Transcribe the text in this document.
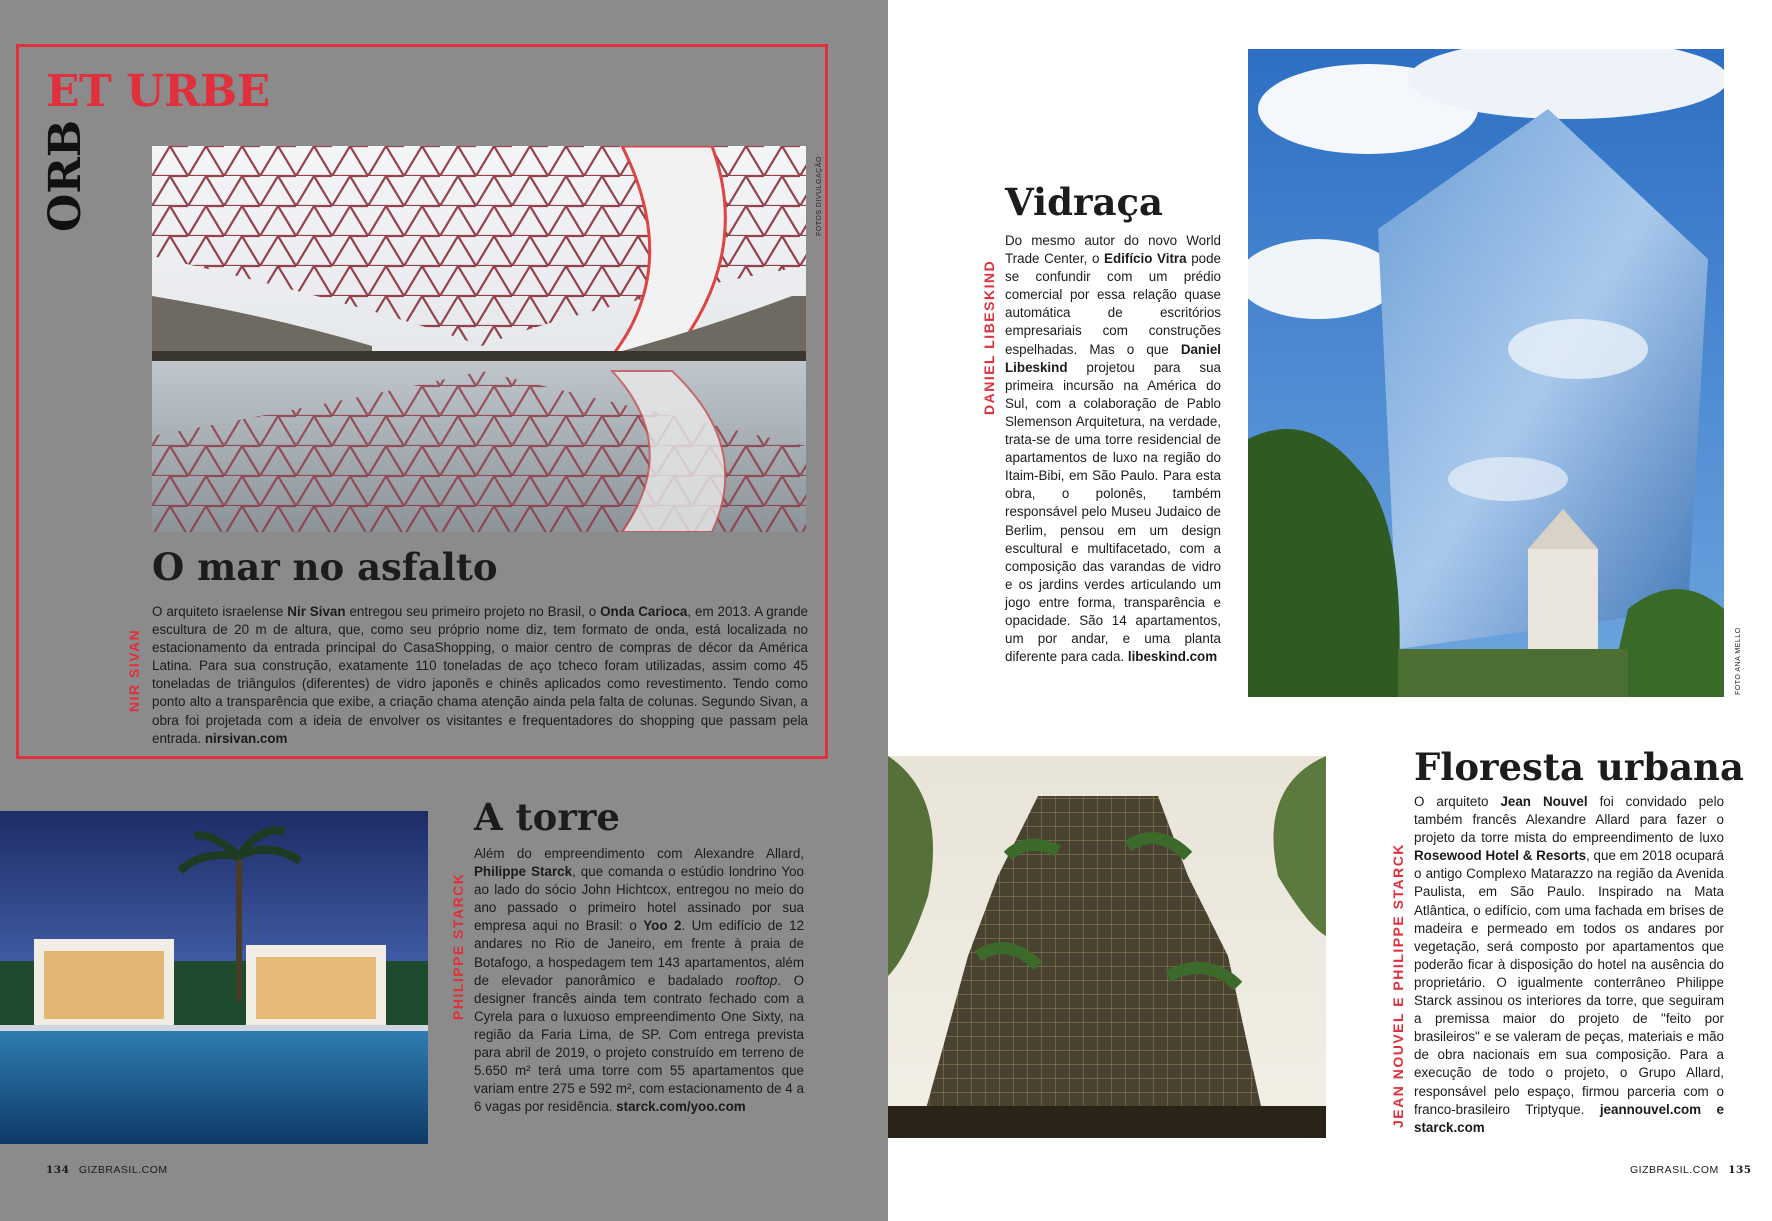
ET URBE
ORB	FOTOS DIVULGAÇÃO
O mar no asfalto
NIR SIVAN
O arquiteto israelense Nir Sivan entregou seu primeiro projeto no Brasil, o Onda Carioca, em 2013. A grande escultura de 20 m de altura, que, como seu próprio nome diz, tem formato de onda, está localizada no estacionamento da entrada principal do CasaShopping, o maior centro de compras de décor da América Latina. Para sua construção, exatamente 110 toneladas de aço tcheco foram utilizadas, assim como 45 toneladas de triângulos (diferentes) de vidro japonês e chinês aplicados como revestimento. Tendo como ponto alto a transparência que exibe, a criação chama atenção ainda pela falta de colunas. Segundo Sivan, a obra foi projetada com a ideia de envolver os visitantes e frequentadores do shopping que passam pela entrada. nirsivan.com
A torre
PHILIPPE STARCK
Além do empreendimento com Alexandre Allard, Philippe Starck, que comanda o estúdio londrino Yoo ao lado do sócio John Hichtcox, entregou no meio do ano passado o primeiro hotel assinado por sua empresa aqui no Brasil: o Yoo 2. Um edifício de 12 andares no Rio de Janeiro, em frente à praia de Botafogo, a hospedagem tem 143 apartamentos, além de elevador panorâmico e badalado rooftop. O designer francês ainda tem contrato fechado com a Cyrela para o luxuoso empreendimento One Sixty, na região da Faria Lima, de SP. Com entrega prevista para abril de 2019, o projeto construído em terreno de 5.650 m² terá uma torre com 55 apartamentos que variam entre 275 e 592 m², com estacionamento de 4 a 6 vagas por residência. starck.com/yoo.com
134 GIZBRASIL.COM
Vidraça
DANIEL LIBESKIND
Do mesmo autor do novo World Trade Center, o Edifício Vitra pode se confundir com um prédio comercial por essa relação quase automática de escritórios empresariais com construções espelhadas. Mas o que Daniel Libeskind projetou para sua primeira incursão na América do Sul, com a colaboração de Pablo Slemenson Arquitetura, na verdade, trata-se de uma torre residencial de apartamentos de luxo na região do Itaim-Bibi, em São Paulo. Para esta obra, o polonês, também responsável pelo Museu Judaico de Berlim, pensou em um design escultural e multifacetado, com a composição das varandas de vidro e os jardins verdes articulando um jogo entre forma, transparência e opacidade. São 14 apartamentos, um por andar, e uma planta diferente para cada. libeskind.com	FOTO ANA MELLO
Floresta urbana
JEAN NOUVEL E PHILIPPE STARCK
O arquiteto Jean Nouvel foi convidado pelo também francês Alexandre Allard para fazer o projeto da torre mista do empreendimento de luxo Rosewood Hotel & Resorts, que em 2018 ocupará o antigo Complexo Matarazzo na região da Avenida Paulista, em São Paulo. Inspirado na Mata Atlântica, o edifício, com uma fachada em brises de madeira e permeado em todos os andares por vegetação, será composto por apartamentos que poderão ficar à disposição do hotel na ausência do proprietário. O igualmente conterrâneo Philippe Starck assinou os interiores da torre, que seguiram a premissa maior do projeto de "feito por brasileiros" e se valeram de peças, materiais e mão de obra nacionais em sua composição. Para a execução de todo o projeto, o Grupo Allard, responsável pelo espaço, firmou parceria com o franco-brasileiro Triptyque. jeannouvel.com e starck.com
GIZBRASIL.COM 135
